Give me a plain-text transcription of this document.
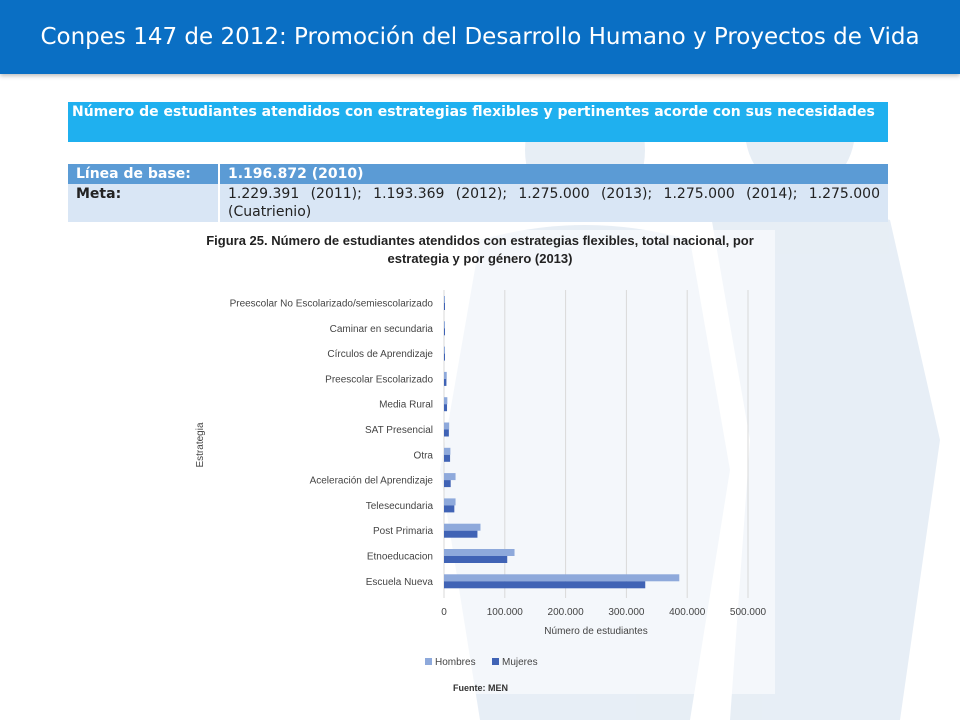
Conpes 147 de 2012: Promoción del Desarrollo Humano y Proyectos de Vida
Número de estudiantes atendidos con estrategias flexibles y pertinentes acorde con sus necesidades
Línea de base:	1.196.872 (2010)
Meta:	1.229.391 (2011); 1.193.369 (2012); 1.275.000 (2013); 1.275.000 (2014); 1.275.000 (Cuatrienio)
Figura 25. Número de estudiantes atendidos con estrategias flexibles, total nacional, por estrategia y por género (2013)
Preescolar No Escolarizado/semiescolarizado
Caminar en secundaria
Círculos de Aprendizaje
Preescolar Escolarizado
Media Rural
SAT Presencial
Otra
Aceleración del Aprendizaje
Telesecundaria
Post Primaria
Etnoeducacion
Escuela Nueva
0	100.000 200.000 300.000 400.000 500.000
Número de estudiantes
Estrategia
Hombres	Mujeres
Fuente: MEN
